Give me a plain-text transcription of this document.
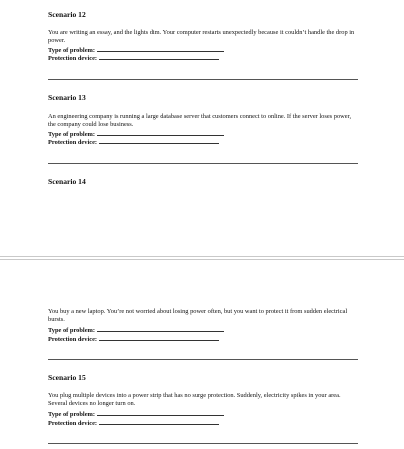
Scenario 12
You are writing an essay, and the lights dim. Your computer restarts unexpectedly because it couldn’t handle the drop in power.
Type of problem:
Protection device:
Scenario 13
An engineering company is running a large database server that customers connect to online. If the server loses power, the company could lose business.
Type of problem:
Protection device:
Scenario 14
You buy a new laptop. You’re not worried about losing power often, but you want to protect it from sudden electrical bursts.
Type of problem:
Protection device:
Scenario 15
You plug multiple devices into a power strip that has no surge protection. Suddenly, electricity spikes in your area. Several devices no longer turn on.
Type of problem:
Protection device:
